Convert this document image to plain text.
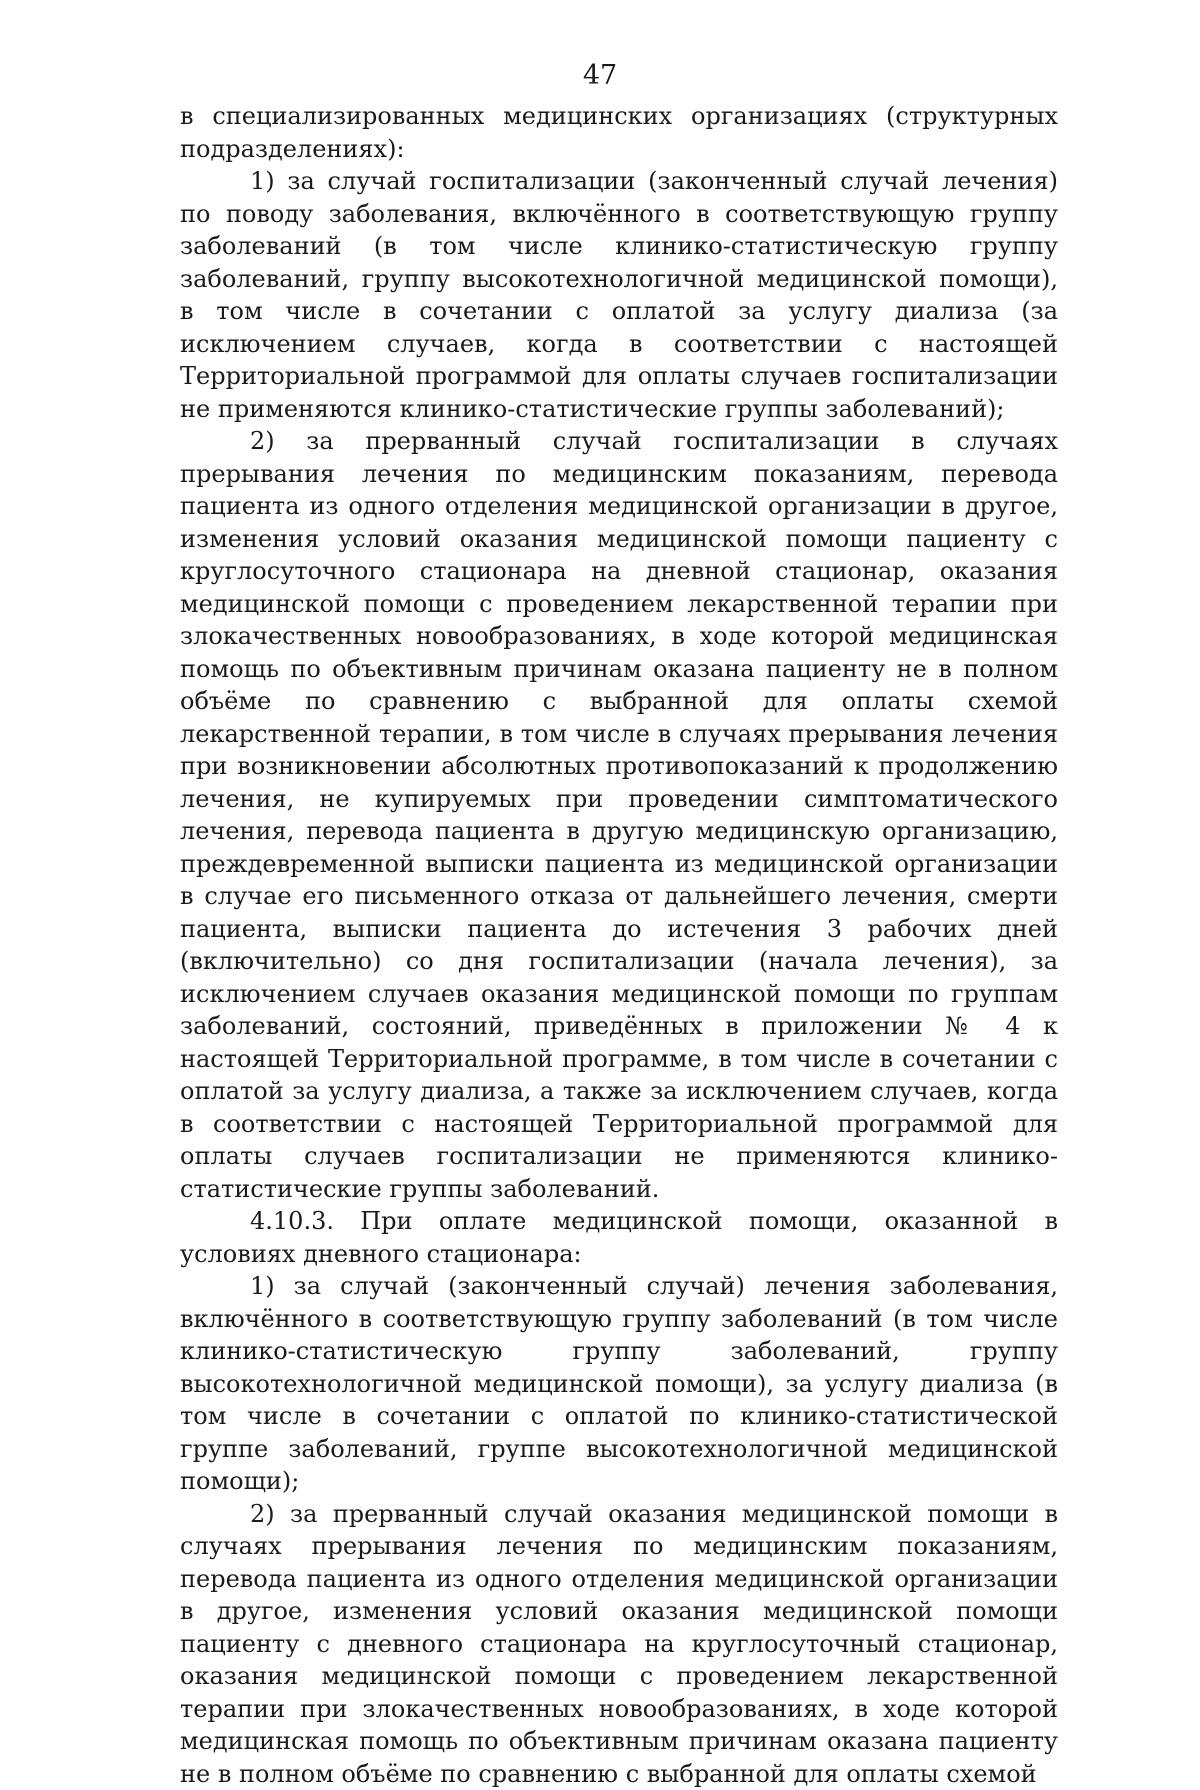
47

в специализированных медицинских организациях (структурных подразделениях):

1) за случай госпитализации (законченный случай лечения) по поводу заболевания, включённого в соответствующую группу заболеваний (в том числе клинико-статистическую группу заболеваний, группу высокотехнологичной медицинской помощи), в том числе в сочетании с оплатой за услугу диализа (за исключением случаев, когда в соответствии с настоящей Территориальной программой для оплаты случаев госпитализации не применяются клинико-статистические группы заболеваний);

2) за прерванный случай госпитализации в случаях прерывания лечения по медицинским показаниям, перевода пациента из одного отделения медицинской организации в другое, изменения условий оказания медицинской помощи пациенту с круглосуточного стационара на дневной стационар, оказания медицинской помощи с проведением лекарственной терапии при злокачественных новообразованиях, в ходе которой медицинская помощь по объективным причинам оказана пациенту не в полном объёме по сравнению с выбранной для оплаты схемой лекарственной терапии, в том числе в случаях прерывания лечения при возникновении абсолютных противопоказаний к продолжению лечения, не купируемых при проведении симптоматического лечения, перевода пациента в другую медицинскую организацию, преждевременной выписки пациента из медицинской организации в случае его письменного отказа от дальнейшего лечения, смерти пациента, выписки пациента до истечения 3 рабочих дней (включительно) со дня госпитализации (начала лечения), за исключением случаев оказания медицинской помощи по группам заболеваний, состояний, приведённых в приложении № 4 к настоящей Территориальной программе, в том числе в сочетании с оплатой за услугу диализа, а также за исключением случаев, когда в соответствии с настоящей Территориальной программой для оплаты случаев госпитализации не применяются клинико-статистические группы заболеваний.

4.10.3. При оплате медицинской помощи, оказанной в условиях дневного стационара:

1) за случай (законченный случай) лечения заболевания, включённого в соответствующую группу заболеваний (в том числе клинико-статистическую группу заболеваний, группу высокотехнологичной медицинской помощи), за услугу диализа (в том числе в сочетании с оплатой по клинико-статистической группе заболеваний, группе высокотехнологичной медицинской помощи);

2) за прерванный случай оказания медицинской помощи в случаях прерывания лечения по медицинским показаниям, перевода пациента из одного отделения медицинской организации в другое, изменения условий оказания медицинской помощи пациенту с дневного стационара на круглосуточный стационар, оказания медицинской помощи с проведением лекарственной терапии при злокачественных новообразованиях, в ходе которой медицинская помощь по объективным причинам оказана пациенту не в полном объёме по сравнению с выбранной для оплаты схемой
